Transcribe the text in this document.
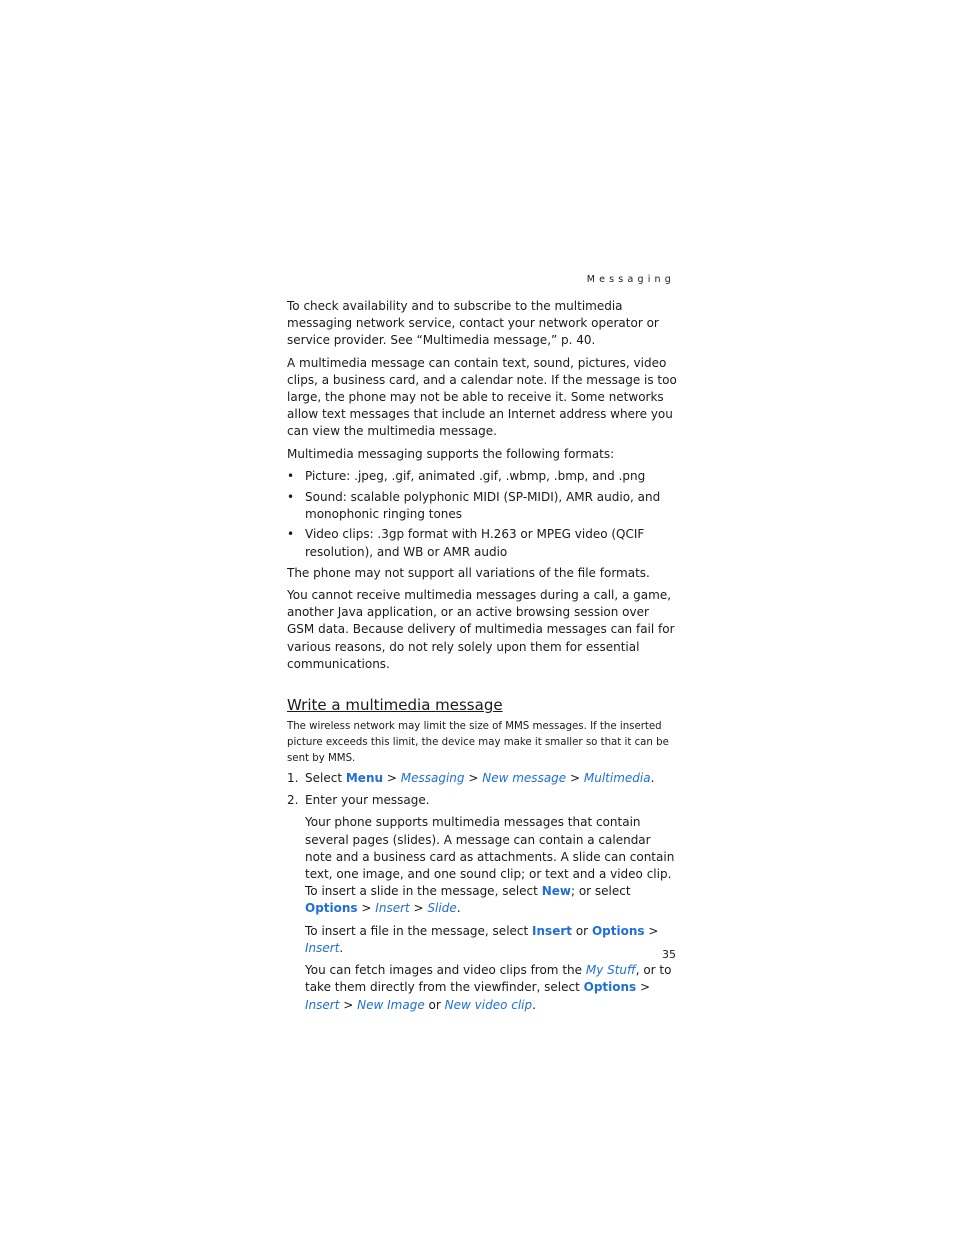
Messaging

To check availability and to subscribe to the multimedia messaging network service, contact your network operator or service provider. See “Multimedia message,” p. 40.

A multimedia message can contain text, sound, pictures, video clips, a business card, and a calendar note. If the message is too large, the phone may not be able to receive it. Some networks allow text messages that include an Internet address where you can view the multimedia message.

Multimedia messaging supports the following formats:

• Picture: .jpeg, .gif, animated .gif, .wbmp, .bmp, and .png
• Sound: scalable polyphonic MIDI (SP-MIDI), AMR audio, and monophonic ringing tones
• Video clips: .3gp format with H.263 or MPEG video (QCIF resolution), and WB or AMR audio

The phone may not support all variations of the file formats.

You cannot receive multimedia messages during a call, a game, another Java application, or an active browsing session over GSM data. Because delivery of multimedia messages can fail for various reasons, do not rely solely upon them for essential communications.

Write a multimedia message
The wireless network may limit the size of MMS messages. If the inserted picture exceeds this limit, the device may make it smaller so that it can be sent by MMS.
1. Select Menu > Messaging > New message > Multimedia.
2. Enter your message.

Your phone supports multimedia messages that contain several pages (slides). A message can contain a calendar note and a business card as attachments. A slide can contain text, one image, and one sound clip; or text and a video clip. To insert a slide in the message, select New; or select Options > Insert > Slide.

To insert a file in the message, select Insert or Options > Insert.

You can fetch images and video clips from the My Stuff, or to take them directly from the viewfinder, select Options > Insert > New Image or New video clip.

35
